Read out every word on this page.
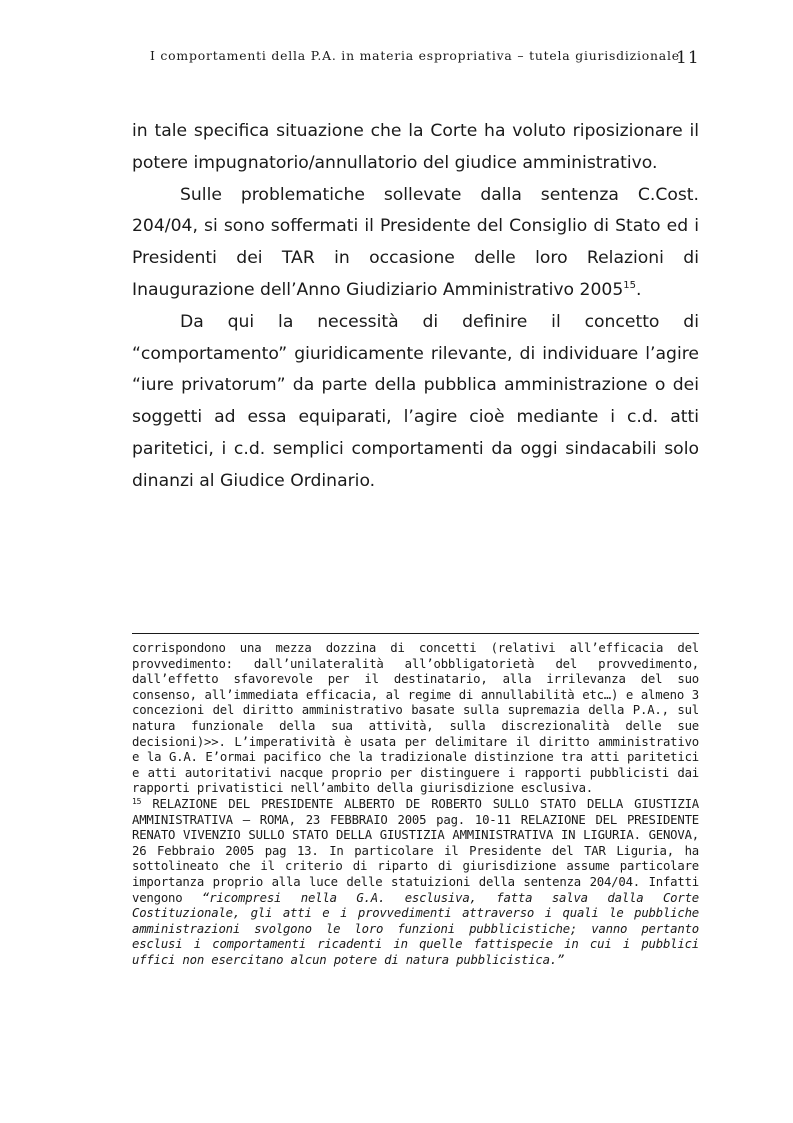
I comportamenti della P.A. in materia espropriativa – tutela giurisdizionale
11

in tale specifica situazione che la Corte ha voluto riposizionare il potere impugnatorio/annullatorio del giudice amministrativo.

Sulle problematiche sollevate dalla sentenza C.Cost. 204/04, si sono soffermati il Presidente del Consiglio di Stato ed i Presidenti dei TAR in occasione delle loro Relazioni di Inaugurazione dell’Anno Giudiziario Amministrativo 2005$^{15}$.

Da qui la necessità di definire il concetto di “comportamento” giuridicamente rilevante, di individuare l’agire “iure privatorum” da parte della pubblica amministrazione o dei soggetti ad essa equiparati, l’agire cioè mediante i c.d. atti paritetici, i c.d. semplici comportamenti da oggi sindacabili solo dinanzi al Giudice Ordinario.

corrispondono una mezza dozzina di concetti (relativi all’efficacia del provvedimento: dall’unilateralità all’obbligatorietà del provvedimento, dall’effetto sfavorevole per il destinatario, alla irrilevanza del suo consenso, all’immediata efficacia, al regime di annullabilità etc…) e almeno 3 concezioni del diritto amministrativo basate sulla supremazia della P.A., sul natura funzionale della sua attività, sulla discrezionalità delle sue decisioni)>>. L’imperatività è usata per delimitare il diritto amministrativo e la G.A. E’ormai pacifico che la tradizionale distinzione tra atti paritetici e atti autoritativi nacque proprio per distinguere i rapporti pubblicisti dai rapporti privatistici nell’ambito della giurisdizione esclusiva.

$^{15}$ RELAZIONE DEL PRESIDENTE ALBERTO DE ROBERTO SULLO STATO DELLA GIUSTIZIA AMMINISTRATIVA – ROMA, 23 FEBBRAIO 2005 pag. 10-11 RELAZIONE DEL PRESIDENTE RENATO VIVENZIO SULLO STATO DELLA GIUSTIZIA AMMINISTRATIVA IN LIGURIA. GENOVA, 26 Febbraio 2005 pag 13. In particolare il Presidente del TAR Liguria, ha sottolineato che il criterio di riparto di giurisdizione assume particolare importanza proprio alla luce delle statuizioni della sentenza 204/04. Infatti vengono “ricompresi nella G.A. esclusiva, fatta salva dalla Corte Costituzionale, gli atti e i provvedimenti attraverso i quali le pubbliche amministrazioni svolgono le loro funzioni pubblicistiche; vanno pertanto esclusi i comportamenti ricadenti in quelle fattispecie in cui i pubblici uffici non esercitano alcun potere di natura pubblicistica.”
